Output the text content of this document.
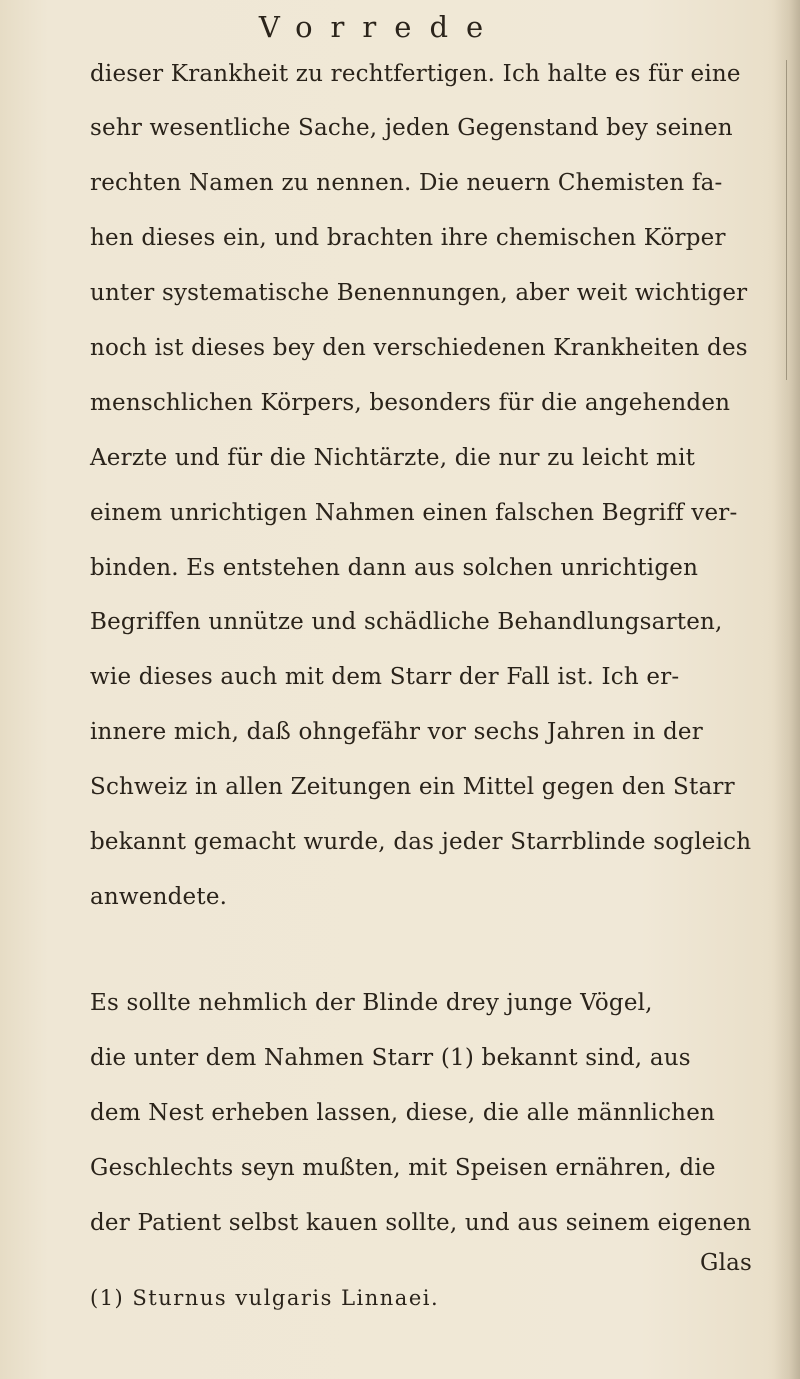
Vorrede
dieser Krankheit zu rechtfertigen. Ich halte es für eine
sehr wesentliche Sache, jeden Gegenstand bey seinen
rechten Namen zu nennen. Die neuern Chemisten fa-
hen dieses ein, und brachten ihre chemischen Körper
unter systematische Benennungen, aber weit wichtiger
noch ist dieses bey den verschiedenen Krankheiten des
menschlichen Körpers, besonders für die angehenden
Aerzte und für die Nichtärzte, die nur zu leicht mit
einem unrichtigen Nahmen einen falschen Begriff ver-
binden. Es entstehen dann aus solchen unrichtigen
Begriffen unnütze und schädliche Behandlungsarten,
wie dieses auch mit dem Starr der Fall ist. Ich er-
innere mich, daß ohngefähr vor sechs Jahren in der
Schweiz in allen Zeitungen ein Mittel gegen den Starr
bekannt gemacht wurde, das jeder Starrblinde sogleich
anwendete.
Es sollte nehmlich der Blinde drey junge Vögel,
die unter dem Nahmen Starr (1) bekannt sind, aus
dem Nest erheben lassen, diese, die alle männlichen
Geschlechts seyn mußten, mit Speisen ernähren, die
der Patient selbst kauen sollte, und aus seinem eigenen
Glas
(1) Sturnus vulgaris Linnaei.
